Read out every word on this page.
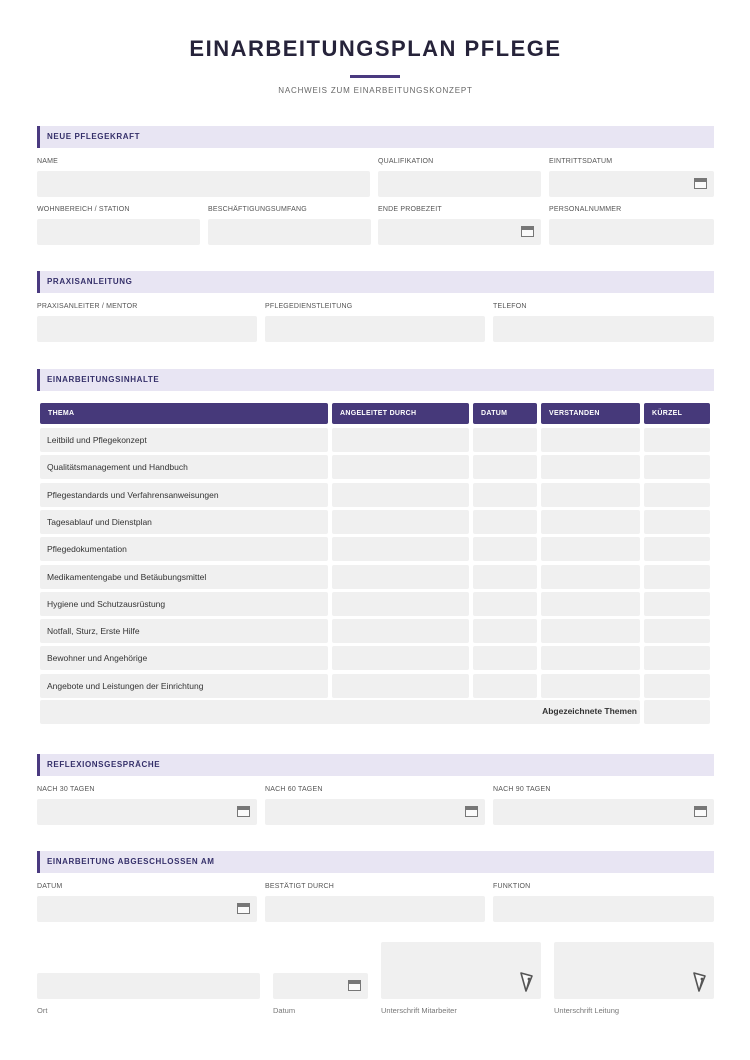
EINARBEITUNGSPLAN PFLEGE
NACHWEIS ZUM EINARBEITUNGSKONZEPT
NEUE PFLEGEKRAFT
NAME	QUALIFIKATION	EINTRITTSDATUM
WOHNBEREICH / STATION	BESCHÄFTIGUNGSUMFANG	ENDE PROBEZEIT	PERSONALNUMMER
PRAXISANLEITUNG
PRAXISANLEITER / MENTOR	PFLEGEDIENSTLEITUNG	TELEFON
EINARBEITUNGSINHALTE
THEMA	ANGELEITET DURCH	DATUM	VERSTANDEN	KÜRZEL
Leitbild und Pflegekonzept
Qualitätsmanagement und Handbuch
Pflegestandards und Verfahrensanweisungen
Tagesablauf und Dienstplan
Pflegedokumentation
Medikamentengabe und Betäubungsmittel
Hygiene und Schutzausrüstung
Notfall, Sturz, Erste Hilfe
Bewohner und Angehörige
Angebote und Leistungen der Einrichtung
Abgezeichnete Themen
REFLEXIONSGESPRÄCHE
NACH 30 TAGEN	NACH 60 TAGEN	NACH 90 TAGEN
EINARBEITUNG ABGESCHLOSSEN AM
DATUM	BESTÄTIGT DURCH	FUNKTION
Ort	Datum	Unterschrift Mitarbeiter	Unterschrift Leitung
